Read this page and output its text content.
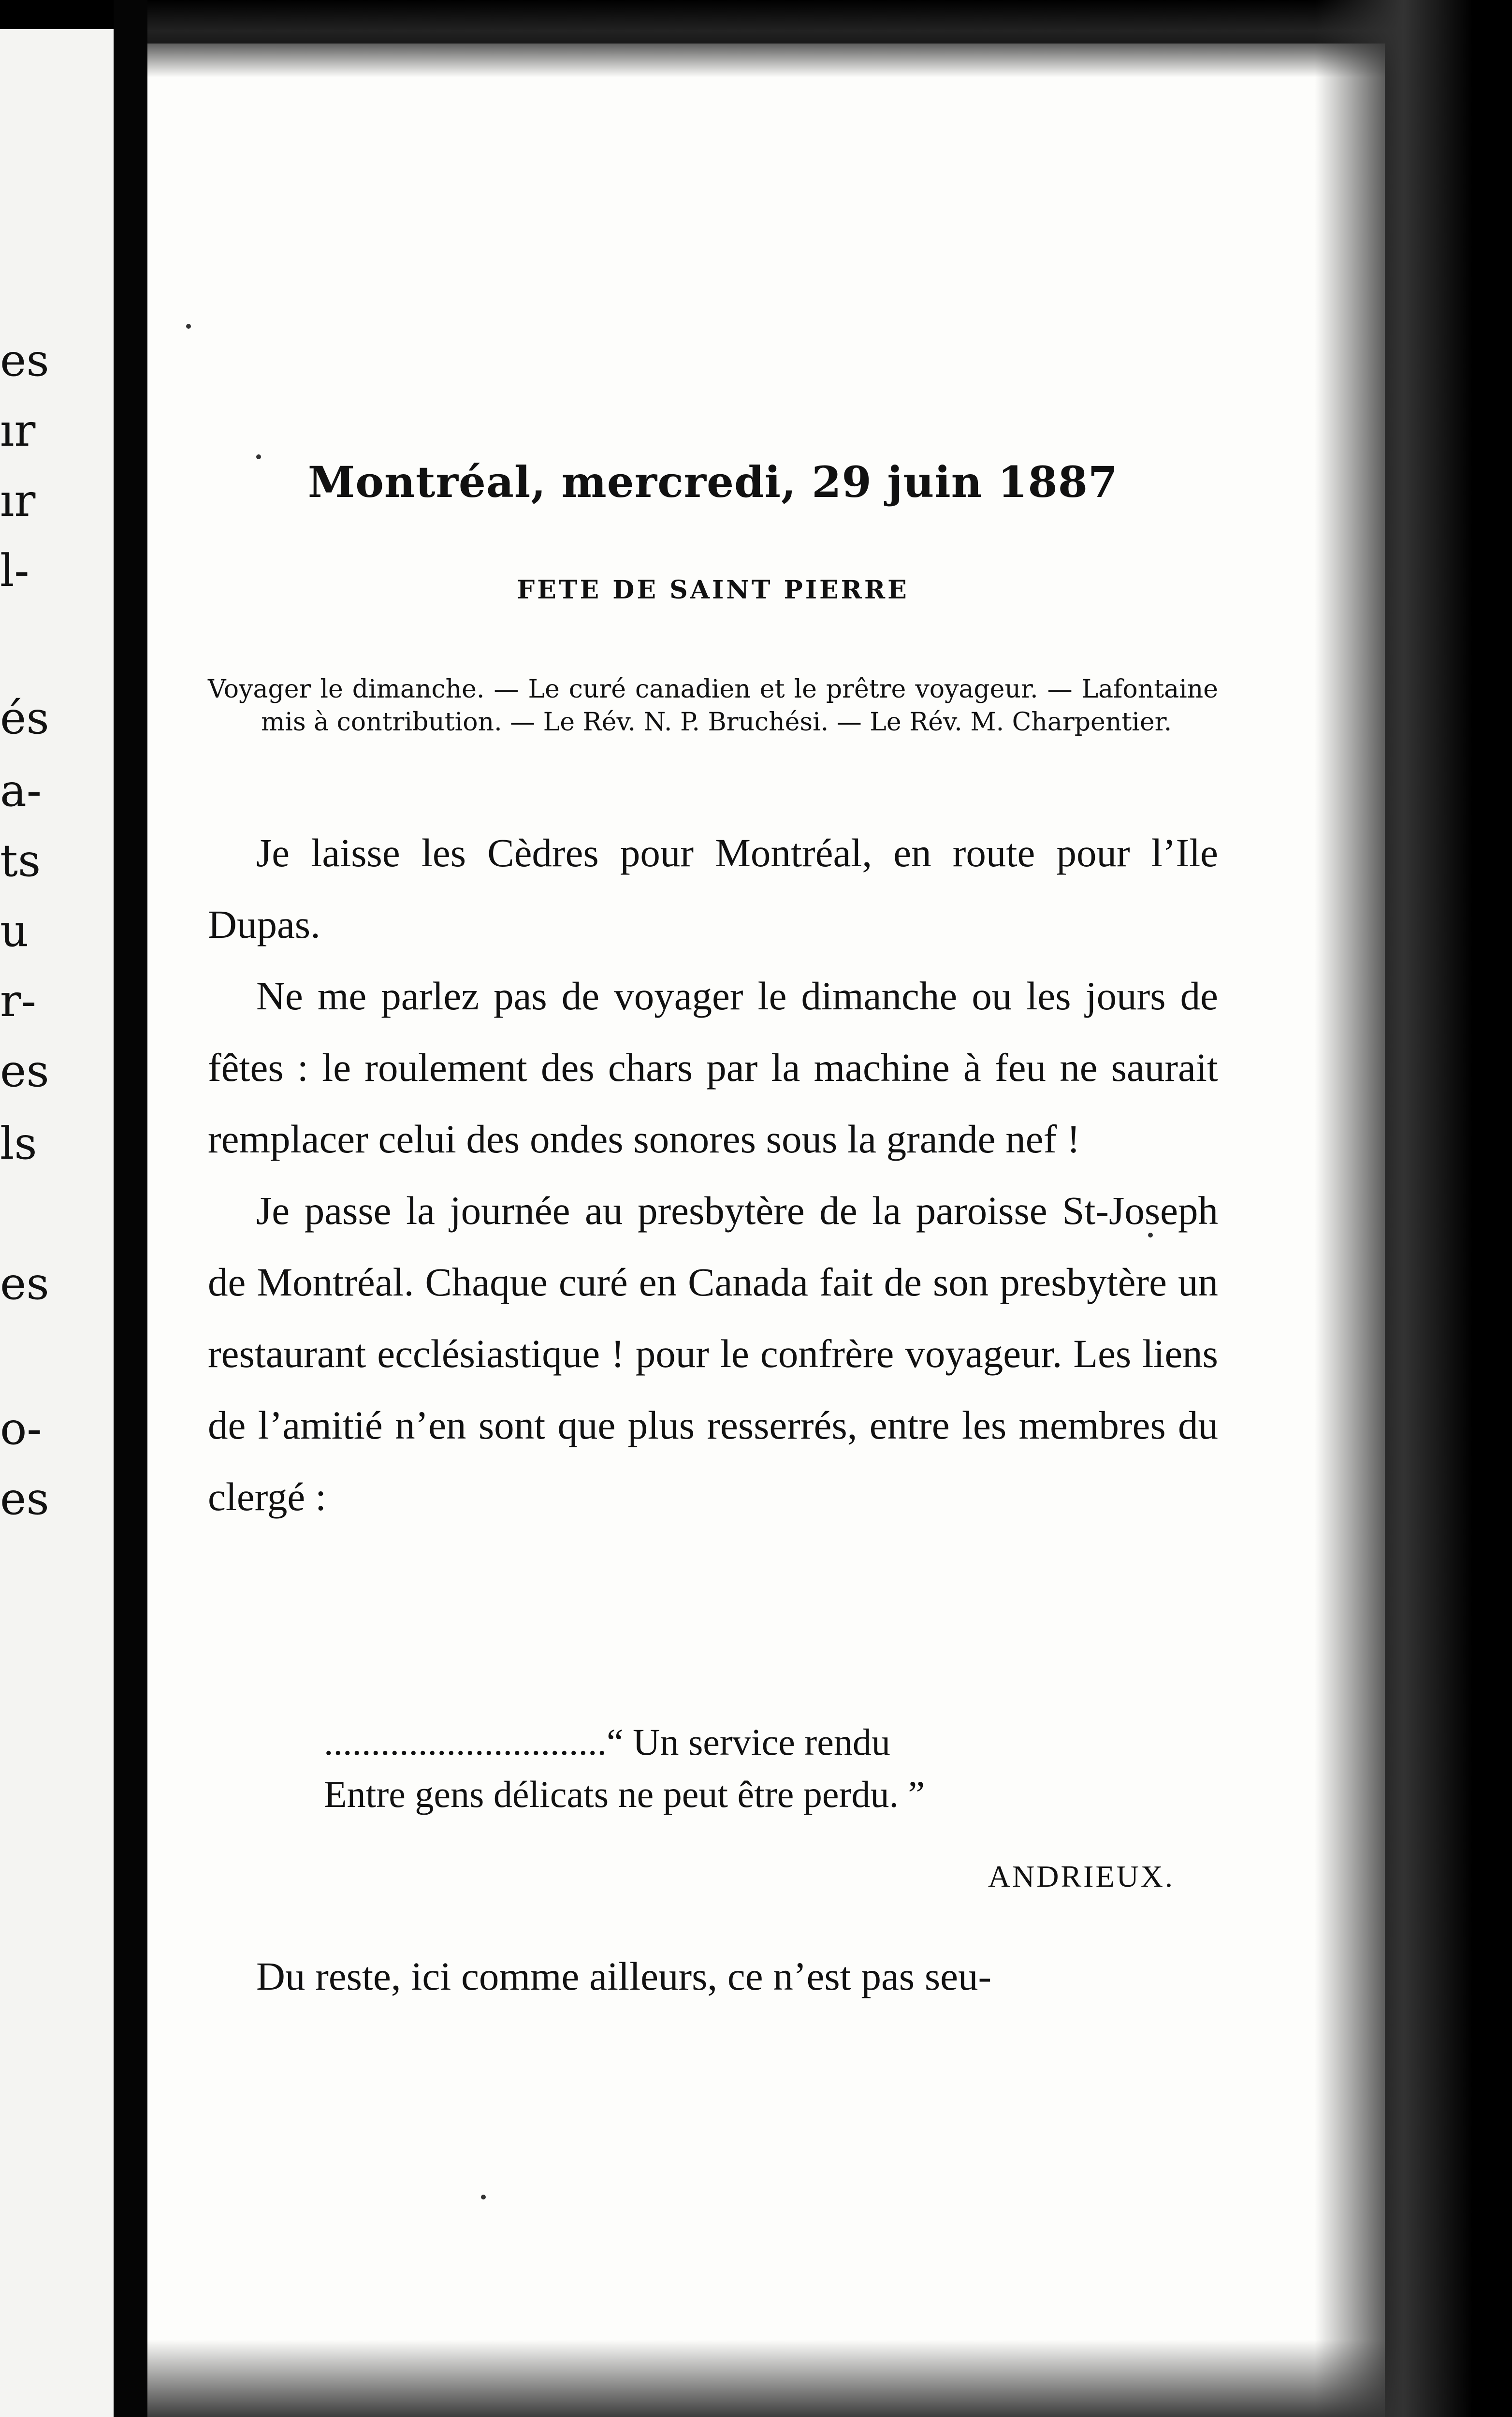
es
ır
ır
l-
és
a-
ts
u
r-
es
ls
es
o-
es
Montréal, mercredi, 29 juin 1887
FETE DE SAINT PIERRE

Voyager le dimanche. — Le curé canadien et le prêtre voyageur. — Lafontaine mis à contribution. — Le Rév. N. P. Bruchési. — Le Rév. M. Charpentier.

Je laisse les Cèdres pour Montréal, en route pour l’Ile Dupas.

Ne me parlez pas de voyager le dimanche ou les jours de fêtes : le roulement des chars par la machine à feu ne saurait remplacer celui des ondes sonores sous la grande nef !

Je passe la journée au presbytère de la paroisse St-Joseph de Montréal. Chaque curé en Canada fait de son presbytère un restaurant ecclésiastique ! pour le confrère voyageur. Les liens de l’amitié n’en sont que plus resserrés, entre les membres du clergé :

..............................“ Un service rendu
Entre gens délicats ne peut être perdu. ”

ANDRIEUX.

Du reste, ici comme ailleurs, ce n’est pas seu-
